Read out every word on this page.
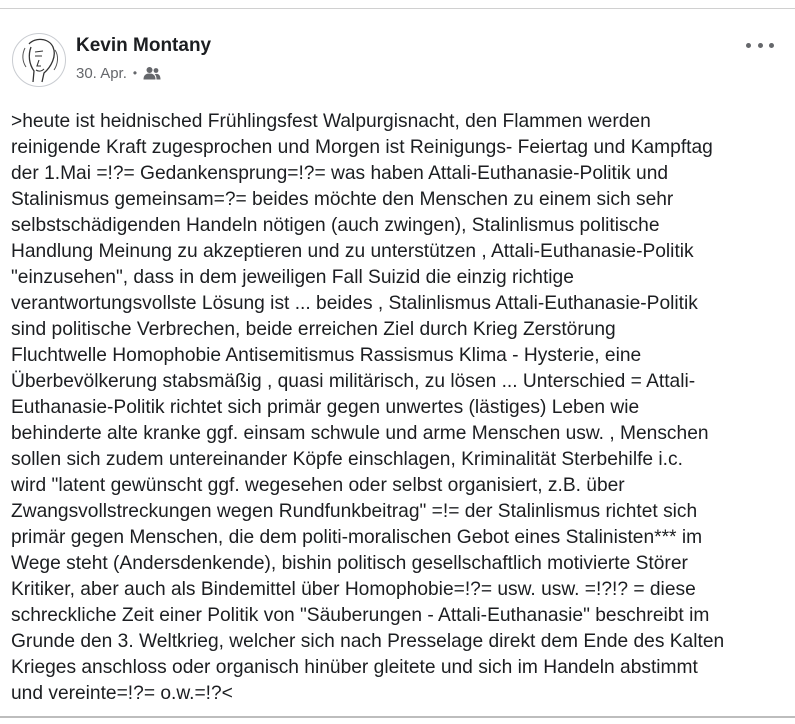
Kevin Montany
30. Apr. •
>heute ist heidnisched Frühlingsfest Walpurgisnacht, den Flammen werden
reinigende Kraft zugesprochen und Morgen ist Reinigungs- Feiertag und Kampftag
der 1.Mai =!?= Gedankensprung=!?= was haben Attali-Euthanasie-Politik und
Stalinismus gemeinsam=?= beides möchte den Menschen zu einem sich sehr
selbstschädigenden Handeln nötigen (auch zwingen), Stalinlismus politische
Handlung Meinung zu akzeptieren und zu unterstützen , Attali-Euthanasie-Politik
"einzusehen", dass in dem jeweiligen Fall Suizid die einzig richtige
verantwortungsvollste Lösung ist ... beides , Stalinlismus Attali-Euthanasie-Politik
sind politische Verbrechen, beide erreichen Ziel durch Krieg Zerstörung
Fluchtwelle Homophobie Antisemitismus Rassismus Klima - Hysterie, eine
Überbevölkerung stabsmäßig , quasi militärisch, zu lösen ... Unterschied = Attali-
Euthanasie-Politik richtet sich primär gegen unwertes (lästiges) Leben wie
behinderte alte kranke ggf. einsam schwule und arme Menschen usw. , Menschen
sollen sich zudem untereinander Köpfe einschlagen, Kriminalität Sterbehilfe i.c.
wird "latent gewünscht ggf. wegesehen oder selbst organisiert, z.B. über
Zwangsvollstreckungen wegen Rundfunkbeitrag" =!= der Stalinlismus richtet sich
primär gegen Menschen, die dem politi-moralischen Gebot eines Stalinisten*** im
Wege steht (Andersdenkende), bishin politisch gesellschaftlich motivierte Störer
Kritiker, aber auch als Bindemittel über Homophobie=!?= usw. usw. =!?!? = diese
schreckliche Zeit einer Politik von "Säuberungen - Attali-Euthanasie" beschreibt im
Grunde den 3. Weltkrieg, welcher sich nach Presselage direkt dem Ende des Kalten
Krieges anschloss oder organisch hinüber gleitete und sich im Handeln abstimmt
und vereinte=!?= o.w.=!?<
